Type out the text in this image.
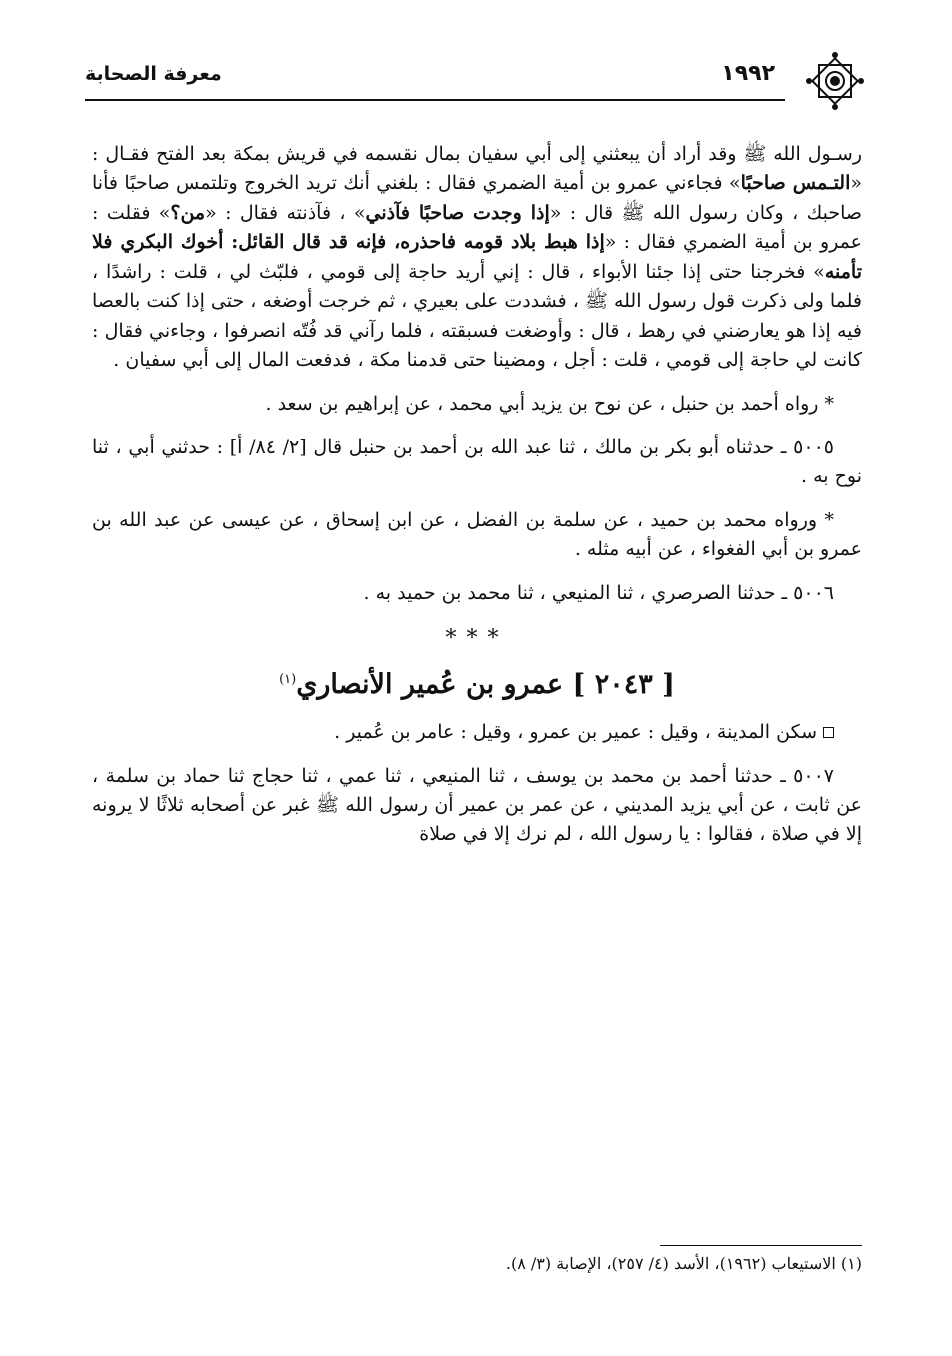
معرفة الصحابة	١٩٩٢

رسـول الله ﷺ وقد أراد أن يبعثني إلى أبي سفيان بمال نقسمه في قريش بمكة بعد الفتح فقـال : «التـمس صاحبًا» فجاءني عمرو بن أمية الضمري فقال : بلغني أنك تريد الخروج وتلتمس صاحبًا فأنا صاحبك ، وكان رسول الله ﷺ قال : «إذا وجدت صاحبًا فآذني» ، فآذنته فقال : «من؟» فقلت : عمرو بن أمية الضمري فقال : «إذا هبط بلاد قومه فاحذره، فإنه قد قال القائل: أخوك البكري فلا تأمنه» فخرجنا حتى إذا جئنا الأبواء ، قال : إني أريد حاجة إلى قومي ، فلبّث لي ، قلت : راشدًا ، فلما ولى ذكرت قول رسول الله ﷺ ، فشددت على بعيري ، ثم خرجت أوضغه ، حتى إذا كنت بالعصا فيه إذا هو يعارضني في رهط ، قال : وأوضغت فسبقته ، فلما رآني قد فُتّه انصرفوا ، وجاءني فقال : كانت لي حاجة إلى قومي ، قلت : أجل ، ومضينا حتى قدمنا مكة ، فدفعت المال إلى أبي سفيان .

* رواه أحمد بن حنبل ، عن نوح بن يزيد أبي محمد ، عن إبراهيم بن سعد .

٥٠٠٥ ـ حدثناه أبو بكر بن مالك ، ثنا عبد الله بن أحمد بن حنبل قال [٢/ ٨٤/ أ] : حدثني أبي ، ثنا نوح به .

* ورواه محمد بن حميد ، عن سلمة بن الفضل ، عن ابن إسحاق ، عن عيسى عن عبد الله بن عمرو بن أبي الفغواء ، عن أبيه مثله .

٥٠٠٦ ـ حدثنا الصرصري ، ثنا المنيعي ، ثنا محمد بن حميد به .

***

[ ٢٠٤٣ ] عمرو بن عُمير الأنصاري$^{(١)}$

سكن المدينة ، وقيل : عمير بن عمرو ، وقيل : عامر بن عُمير .

٥٠٠٧ ـ حدثنا أحمد بن محمد بن يوسف ، ثنا المنيعي ، ثنا عمي ، ثنا حجاج ثنا حماد بن سلمة ، عن ثابت ، عن أبي يزيد المديني ، عن عمر بن عمير أن رسول الله ﷺ غبر عن أصحابه ثلاثًا لا يرونه إلا في صلاة ، فقالوا : يا رسول الله ، لم نرك إلا في صلاة

(١) الاستيعاب (١٩٦٢)، الأسد (٤/ ٢٥٧)، الإصابة (٣/ ٨).
